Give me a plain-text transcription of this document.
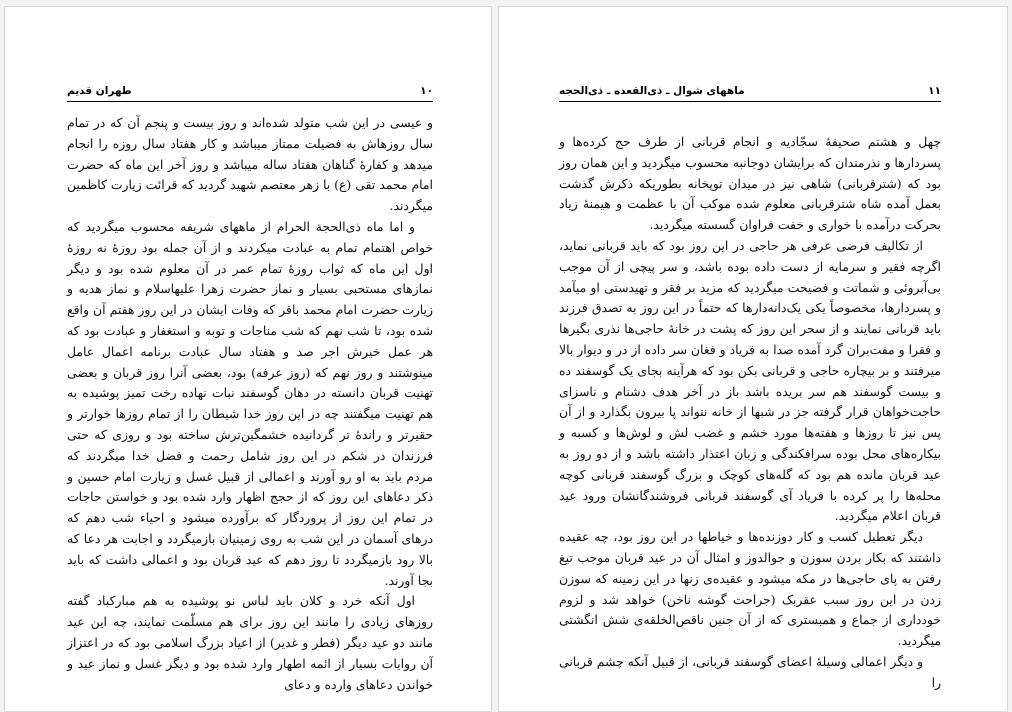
طهران قدیم	۱۰

و عیسی در این شب متولد شده‌اند و روز بیست و پنجم آن که در تمام سال روزهاش به فضیلت ممتاز میباشد و کار هفتاد سال روزه را انجام میدهد و کفارهٔ گناهان هفتاد ساله میباشد و روز آخر این ماه که حضرت امام محمد تقی (ع) با زهر معتصم شهید گردید که قرائت زیارت کاظمین میگردند.

و اما ماه ذی‌الحجة الحرام از ماههای شریفه محسوب میگردید که خواص اهتمام تمام به عبادت میکردند و از آن جمله بود روزهٔ نه روزهٔ اول این ماه که ثواب روزهٔ تمام عمر در آن معلوم شده بود و دیگر نمازهای مستحبی بسیار و نماز حضرت زهرا علیهاسلام و نماز هدیه و زیارت حضرت امام محمد باقر که وفات ایشان در این روز هفتم آن واقع شده بود، تا شب نهم که شب مناجات و توبه و استغفار و عبادت بود که هر عمل خیرش اجر صد و هفتاد سال عبادت برنامه اعمال عامل مینوشتند و روز نهم که (روز عرفه) بود، بعضی آنرا روز قربان و بعضی تهنیت قربان دانسته در دهان گوسفند نبات نهاده رخت تمیز پوشیده به هم تهنیت میگفتند چه در این روز خدا شیطان را از تمام روزها خوارتر و حقیرتر و راندهٔ تر گردانیده خشمگین‌ترش ساخته بود و روزی که حتی فرزندان در شکم در این روز شامل رحمت و فضل خدا میگردند که مردم باید به او رو آورند و اعمالی از قبیل غسل و زیارت امام حسین و ذکر دعاهای این روز که از حجج اظهار وارد شده بود و خواستن حاجات در تمام این روز از پروردگار که برآورده میشود و احیاء شب دهم که درهای آسمان در این شب به روی زمینیان بازمیگردد و اجابت هر دعا که بالا رود بازمیگردد تا روز دهم که عید قربان بود و اعمالی داشت که باید بجا آورند.

اول آنکه خرد و کلان باید لباس نو پوشیده به هم مبارکباد گفته روزهای زیادی را مانند این روز برای هم مسلّمت نمایند، چه این عید مانند دو عید دیگر (فطر و غدیر) از اعیاد بزرگ اسلامی بود که در اعتزاز آن روایات بسیار از ائمه اطهار وارد شده بود و دیگر غسل و نماز عید و خواندن دعاهای وارده و دعای

ماههای شوال ـ ذی‌القعده ـ ذی‌الحجه	۱۱

چهل و هشتم صحیفهٔ سجّادیه و انجام قربانی از طرف حج کرده‌ها و پسردارها و نذرمندان که برایشان دوجانبه محسوب میگردید و این همان روز بود که (شترقربانی) شاهی نیز در میدان توپخانه بطوریکه ذکرش گذشت بعمل آمده شاه شترقربانی معلوم شده موکب آن با عظمت و هیمنهٔ زیاد بحرکت درآمده با خواری و خفت فراوان گسسته میگردید.

از تکالیف فرضی عرفی هر حاجی در این روز بود که باید قربانی نماید، اگرچه فقیر و سرمایه از دست داده بوده باشد، و سر پیچی از آن موجب بی‌آبروئی و شماتت و فضیحت میگردید که مزید بر فقر و تهیدستی او میآمد و پسردارها، مخصوصاً یکی یک‌دانه‌دارها که حتماً در این روز به تصدق فرزند باید قربانی نمایند و از سحر این روز که پشت در خانهٔ حاجی‌ها نذری بگیرها و فقرا و مفت‌بران گرد آمده صدا به فریاد و فغان سر داده از در و دیوار بالا میرفتند و بر بیچاره حاجی و قربانی بکن بود که هرآینه بجای یک گوسفند ده و بیست گوسفند هم سر بریده باشد باز در آخر هدف دشنام و ناسزای حاجت‌خواهان قرار گرفته جز در شبها از خانه نتواند پا بیرون بگذارد و از آن پس نیز تا روزها و هفته‌ها مورد خشم و غضب لش و لوش‌ها و کسبه و بیکاره‌های محل بوده سرافکندگی و زبان اعتذار داشته باشد و از دو روز به عید قربان مانده هم بود که گله‌های کوچک و بزرگ گوسفند قربانی کوچه محله‌ها را پر کرده با فریاد آی گوسفند قربانی فروشندگانشان ورود عید قربان اعلام میگردید.

دیگر تعطیل کسب و کار دوزنده‌ها و خیاطها در این روز بود، چه عقیده داشتند که بکار بردن سوزن و جوالدوز و امثال آن در عید قربان موجب تیغ رفتن به پای حاجی‌ها در مکه میشود و عقیده‌ی زنها در این زمینه که سوزن زدن در این روز سبب عقربک (جراحت گوشه ناخن) خواهد شد و لزوم خودداری از جماع و همبستری که از آن جنین ناقص‌الخلقه‌ی شش انگشتی میگردید.

و دیگر اعمالی وسیلهٔ اعضای گوسفند قربانی، از قبیل آنکه چشم قربانی را
